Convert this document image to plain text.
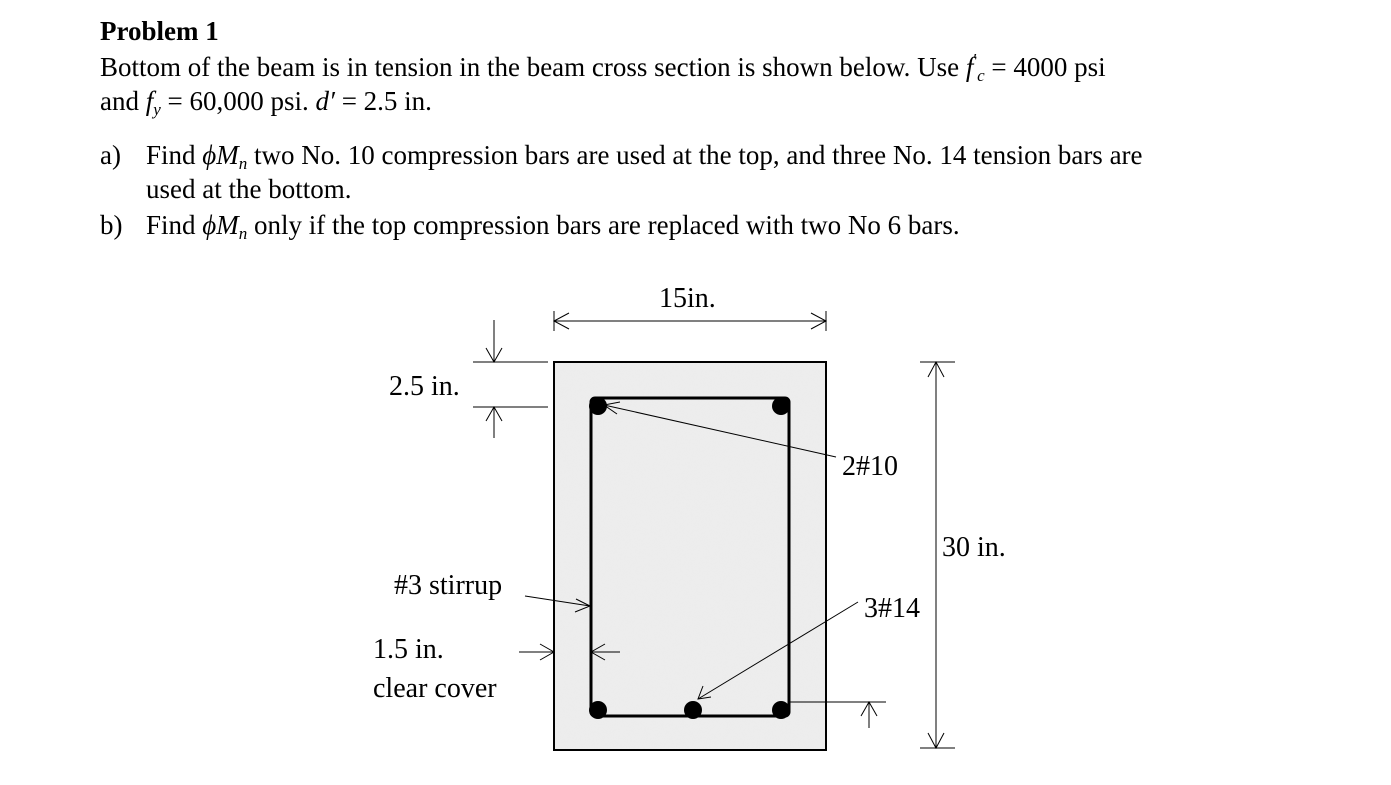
Problem 1
Bottom of the beam is in tension in the beam cross section is shown below. Use f′c = 4000 psi
and fy = 60,000 psi. d′ = 2.5 in.
a) Find ϕMn two No. 10 compression bars are used at the top, and three No. 14 tension bars are
used at the bottom.
b) Find ϕMn only if the top compression bars are replaced with two No 6 bars.
15in.
2.5 in.
2#10
30 in.
#3 stirrup
3#14
1.5 in.
clear cover
